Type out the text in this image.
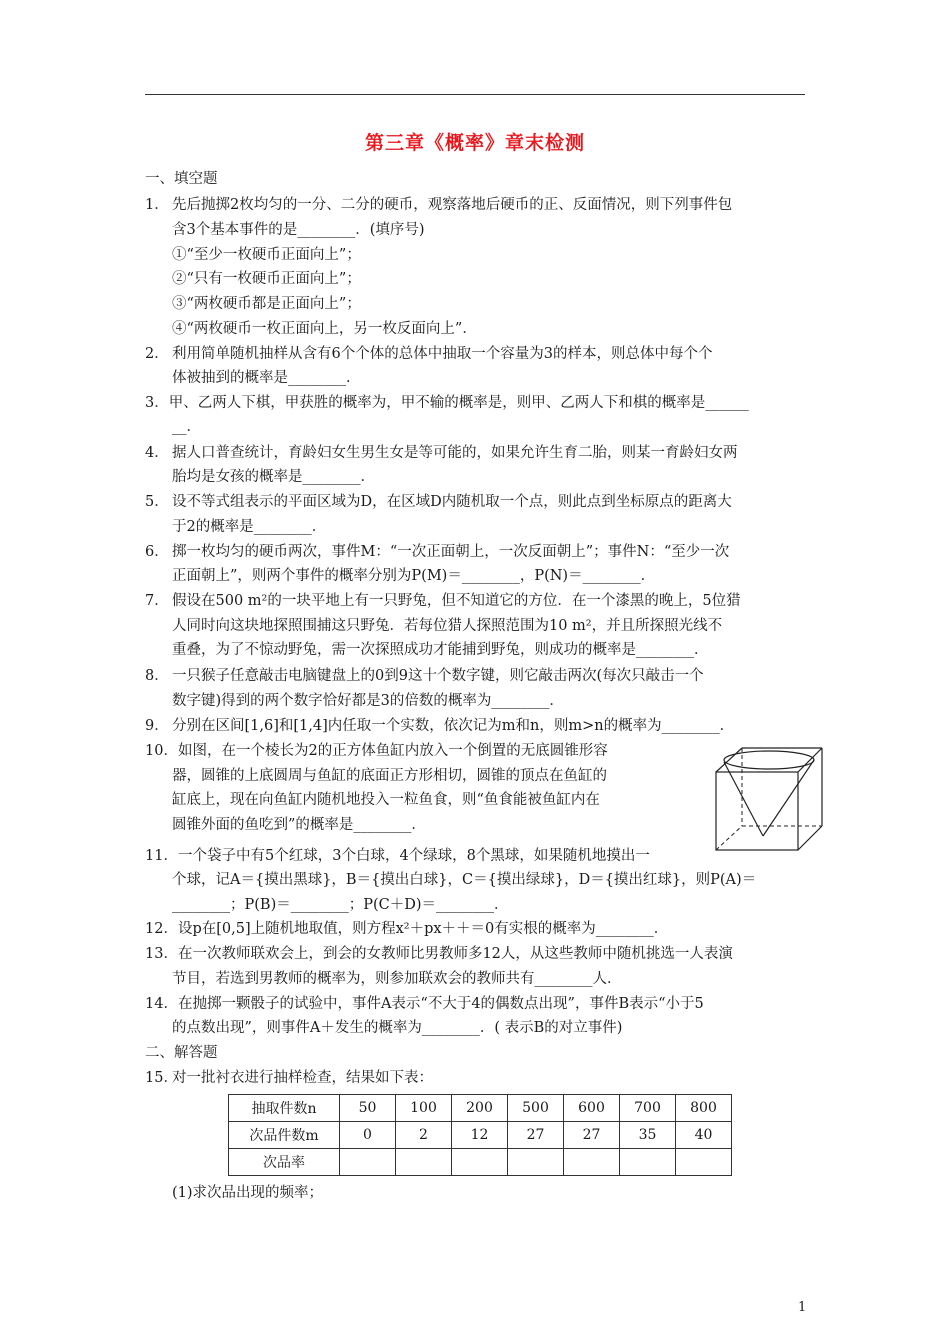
第三章《概率》章末检测
一、填空题
1． 先后抛掷2枚均匀的一分、二分的硬币，观察落地后硬币的正、反面情况，则下列事件包
含3个基本事件的是________．(填序号)
①“至少一枚硬币正面向上”；
②“只有一枚硬币正面向上”；
③“两枚硬币都是正面向上”；
④“两枚硬币一枚正面向上，另一枚反面向上”．
2． 利用简单随机抽样从含有6个个体的总体中抽取一个容量为3的样本，则总体中每个个
体被抽到的概率是________．
3．甲、乙两人下棋，甲获胜的概率为，甲不输的概率是，则甲、乙两人下和棋的概率是______
__．
4． 据人口普查统计，育龄妇女生男生女是等可能的，如果允许生育二胎，则某一育龄妇女两
胎均是女孩的概率是________．
5． 设不等式组表示的平面区域为D，在区域D内随机取一个点，则此点到坐标原点的距离大
于2的概率是________．
6． 掷一枚均匀的硬币两次，事件M：“一次正面朝上，一次反面朝上”；事件N：“至少一次
正面朝上”，则两个事件的概率分别为P(M)＝________，P(N)＝________．
7． 假设在500 m²的一块平地上有一只野兔，但不知道它的方位．在一个漆黑的晚上，5位猎
人同时向这块地探照围捕这只野兔．若每位猎人探照范围为10 m²，并且所探照光线不
重叠，为了不惊动野兔，需一次探照成功才能捕到野兔，则成功的概率是________．
8． 一只猴子任意敲击电脑键盘上的0到9这十个数字键，则它敲击两次(每次只敲击一个
数字键)得到的两个数字恰好都是3的倍数的概率为________．
9． 分别在区间[1,6]和[1,4]内任取一个实数，依次记为m和n，则m>n的概率为________．
10． 如图，在一个棱长为2的正方体鱼缸内放入一个倒置的无底圆锥形容
器，圆锥的上底圆周与鱼缸的底面正方形相切，圆锥的顶点在鱼缸的
缸底上，现在向鱼缸内随机地投入一粒鱼食，则“鱼食能被鱼缸内在
圆锥外面的鱼吃到”的概率是________．
11． 一个袋子中有5个红球，3个白球，4个绿球，8个黑球，如果随机地摸出一
个球，记A＝{摸出黑球}，B＝{摸出白球}，C＝{摸出绿球}，D＝{摸出红球}，则P(A)＝
________；P(B)＝________；P(C＋D)＝________．
12．设p在[0,5]上随机地取值，则方程x²＋px＋＋＝0有实根的概率为________．
13．在一次教师联欢会上，到会的女教师比男教师多12人，从这些教师中随机挑选一人表演
节目，若选到男教师的概率为，则参加联欢会的教师共有________人．
14．在抛掷一颗骰子的试验中，事件A表示“不大于4的偶数点出现”，事件B表示“小于5
的点数出现”，则事件A＋发生的概率为________．( 表示B的对立事件)
二、解答题
15．
对一批衬衣进行抽样检查，结果如下表：
抽取件数n	50	100	200	500	600	700	800
次品件数m	0	2	12	27	27	35	40
次品率							
(1)求次品出现的频率；
1
